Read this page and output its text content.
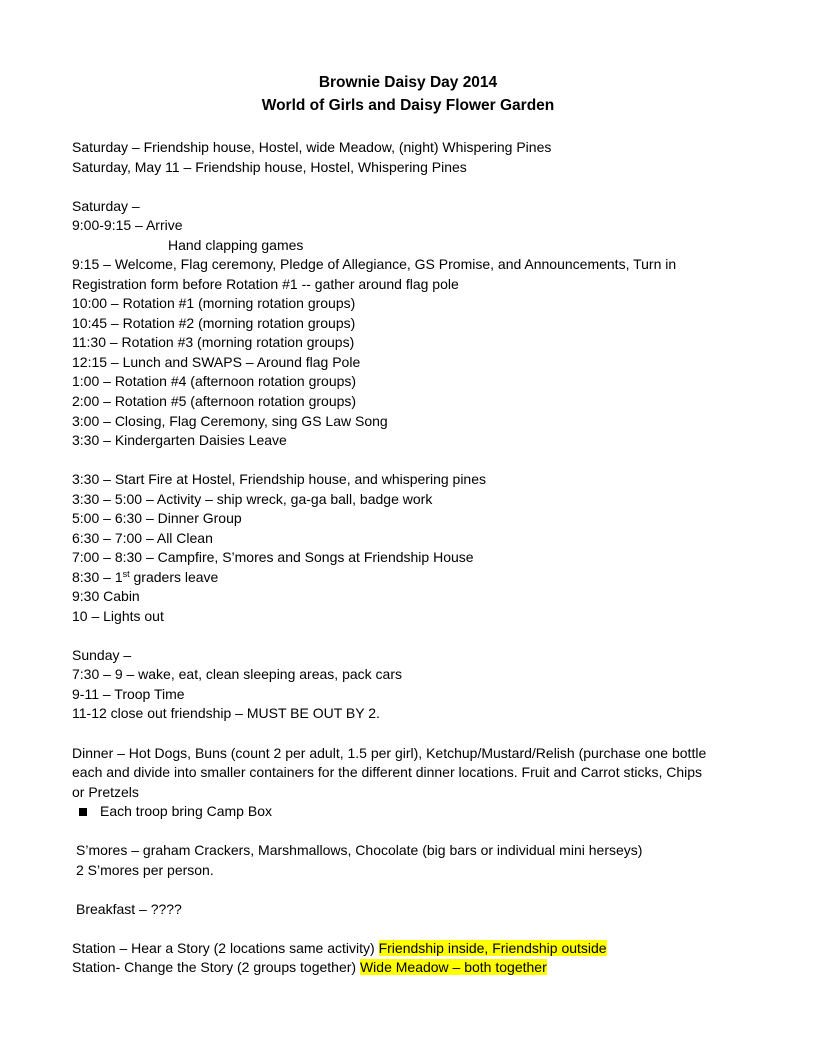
Brownie Daisy Day 2014
World of Girls and Daisy Flower Garden
Saturday – Friendship house, Hostel, wide Meadow, (night) Whispering Pines
Saturday, May 11 – Friendship house, Hostel, Whispering Pines
Saturday –
9:00-9:15 – Arrive
Hand clapping games
9:15 – Welcome, Flag ceremony, Pledge of Allegiance, GS Promise, and Announcements, Turn in
Registration form before Rotation #1 -- gather around flag pole
10:00 – Rotation #1 (morning rotation groups)
10:45 – Rotation #2 (morning rotation groups)
11:30 – Rotation #3 (morning rotation groups)
12:15 – Lunch and SWAPS – Around flag Pole
1:00 – Rotation #4 (afternoon rotation groups)
2:00 – Rotation #5 (afternoon rotation groups)
3:00 – Closing, Flag Ceremony, sing GS Law Song
3:30 – Kindergarten Daisies Leave
3:30 – Start Fire at Hostel, Friendship house, and whispering pines
3:30 – 5:00 – Activity – ship wreck, ga-ga ball, badge work
5:00 – 6:30 – Dinner Group
6:30 – 7:00 – All Clean
7:00 – 8:30 – Campfire, S’mores and Songs at Friendship House
8:30 – 1st graders leave
9:30 Cabin
10 – Lights out
Sunday –
7:30 – 9 – wake, eat, clean sleeping areas, pack cars
9-11 – Troop Time
11-12 close out friendship – MUST BE OUT BY 2.
Dinner – Hot Dogs, Buns (count 2 per adult, 1.5 per girl), Ketchup/Mustard/Relish (purchase one bottle
each and divide into smaller containers for the different dinner locations. Fruit and Carrot sticks, Chips
or Pretzels
Each troop bring Camp Box
S’mores – graham Crackers, Marshmallows, Chocolate (big bars or individual mini herseys)
2 S’mores per person.
Breakfast – ????
Station – Hear a Story (2 locations same activity) Friendship inside, Friendship outside
Station- Change the Story (2 groups together) Wide Meadow – both together
